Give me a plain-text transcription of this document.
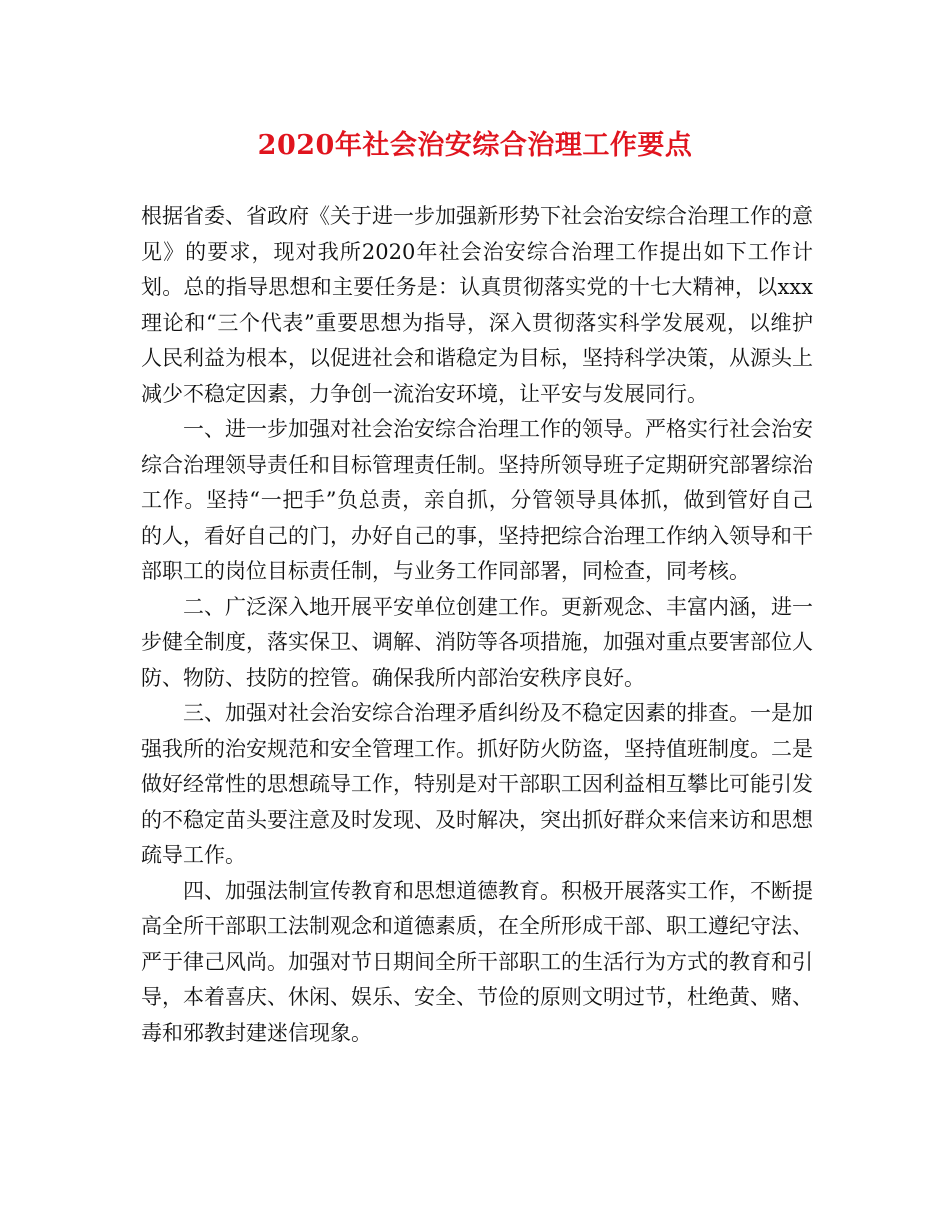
2020年社会治安综合治理工作要点

根据省委、省政府《关于进一步加强新形势下社会治安综合治理工作的意见》的要求，现对我所2020年社会治安综合治理工作提出如下工作计划。总的指导思想和主要任务是：认真贯彻落实党的十七大精神，以xxx理论和“三个代表”重要思想为指导，深入贯彻落实科学发展观，以维护人民利益为根本，以促进社会和谐稳定为目标，坚持科学决策，从源头上减少不稳定因素，力争创一流治安环境，让平安与发展同行。

一、进一步加强对社会治安综合治理工作的领导。严格实行社会治安综合治理领导责任和目标管理责任制。坚持所领导班子定期研究部署综治工作。坚持“一把手”负总责，亲自抓，分管领导具体抓，做到管好自己的人，看好自己的门，办好自己的事，坚持把综合治理工作纳入领导和干部职工的岗位目标责任制，与业务工作同部署，同检查，同考核。

二、广泛深入地开展平安单位创建工作。更新观念、丰富内涵，进一步健全制度，落实保卫、调解、消防等各项措施，加强对重点要害部位人防、物防、技防的控管。确保我所内部治安秩序良好。

三、加强对社会治安综合治理矛盾纠纷及不稳定因素的排查。一是加强我所的治安规范和安全管理工作。抓好防火防盗，坚持值班制度。二是做好经常性的思想疏导工作，特别是对干部职工因利益相互攀比可能引发的不稳定苗头要注意及时发现、及时解决，突出抓好群众来信来访和思想疏导工作。

四、加强法制宣传教育和思想道德教育。积极开展落实工作，不断提高全所干部职工法制观念和道德素质，在全所形成干部、职工遵纪守法、严于律己风尚。加强对节日期间全所干部职工的生活行为方式的教育和引导，本着喜庆、休闲、娱乐、安全、节俭的原则文明过节，杜绝黄、赌、毒和邪教封建迷信现象。
